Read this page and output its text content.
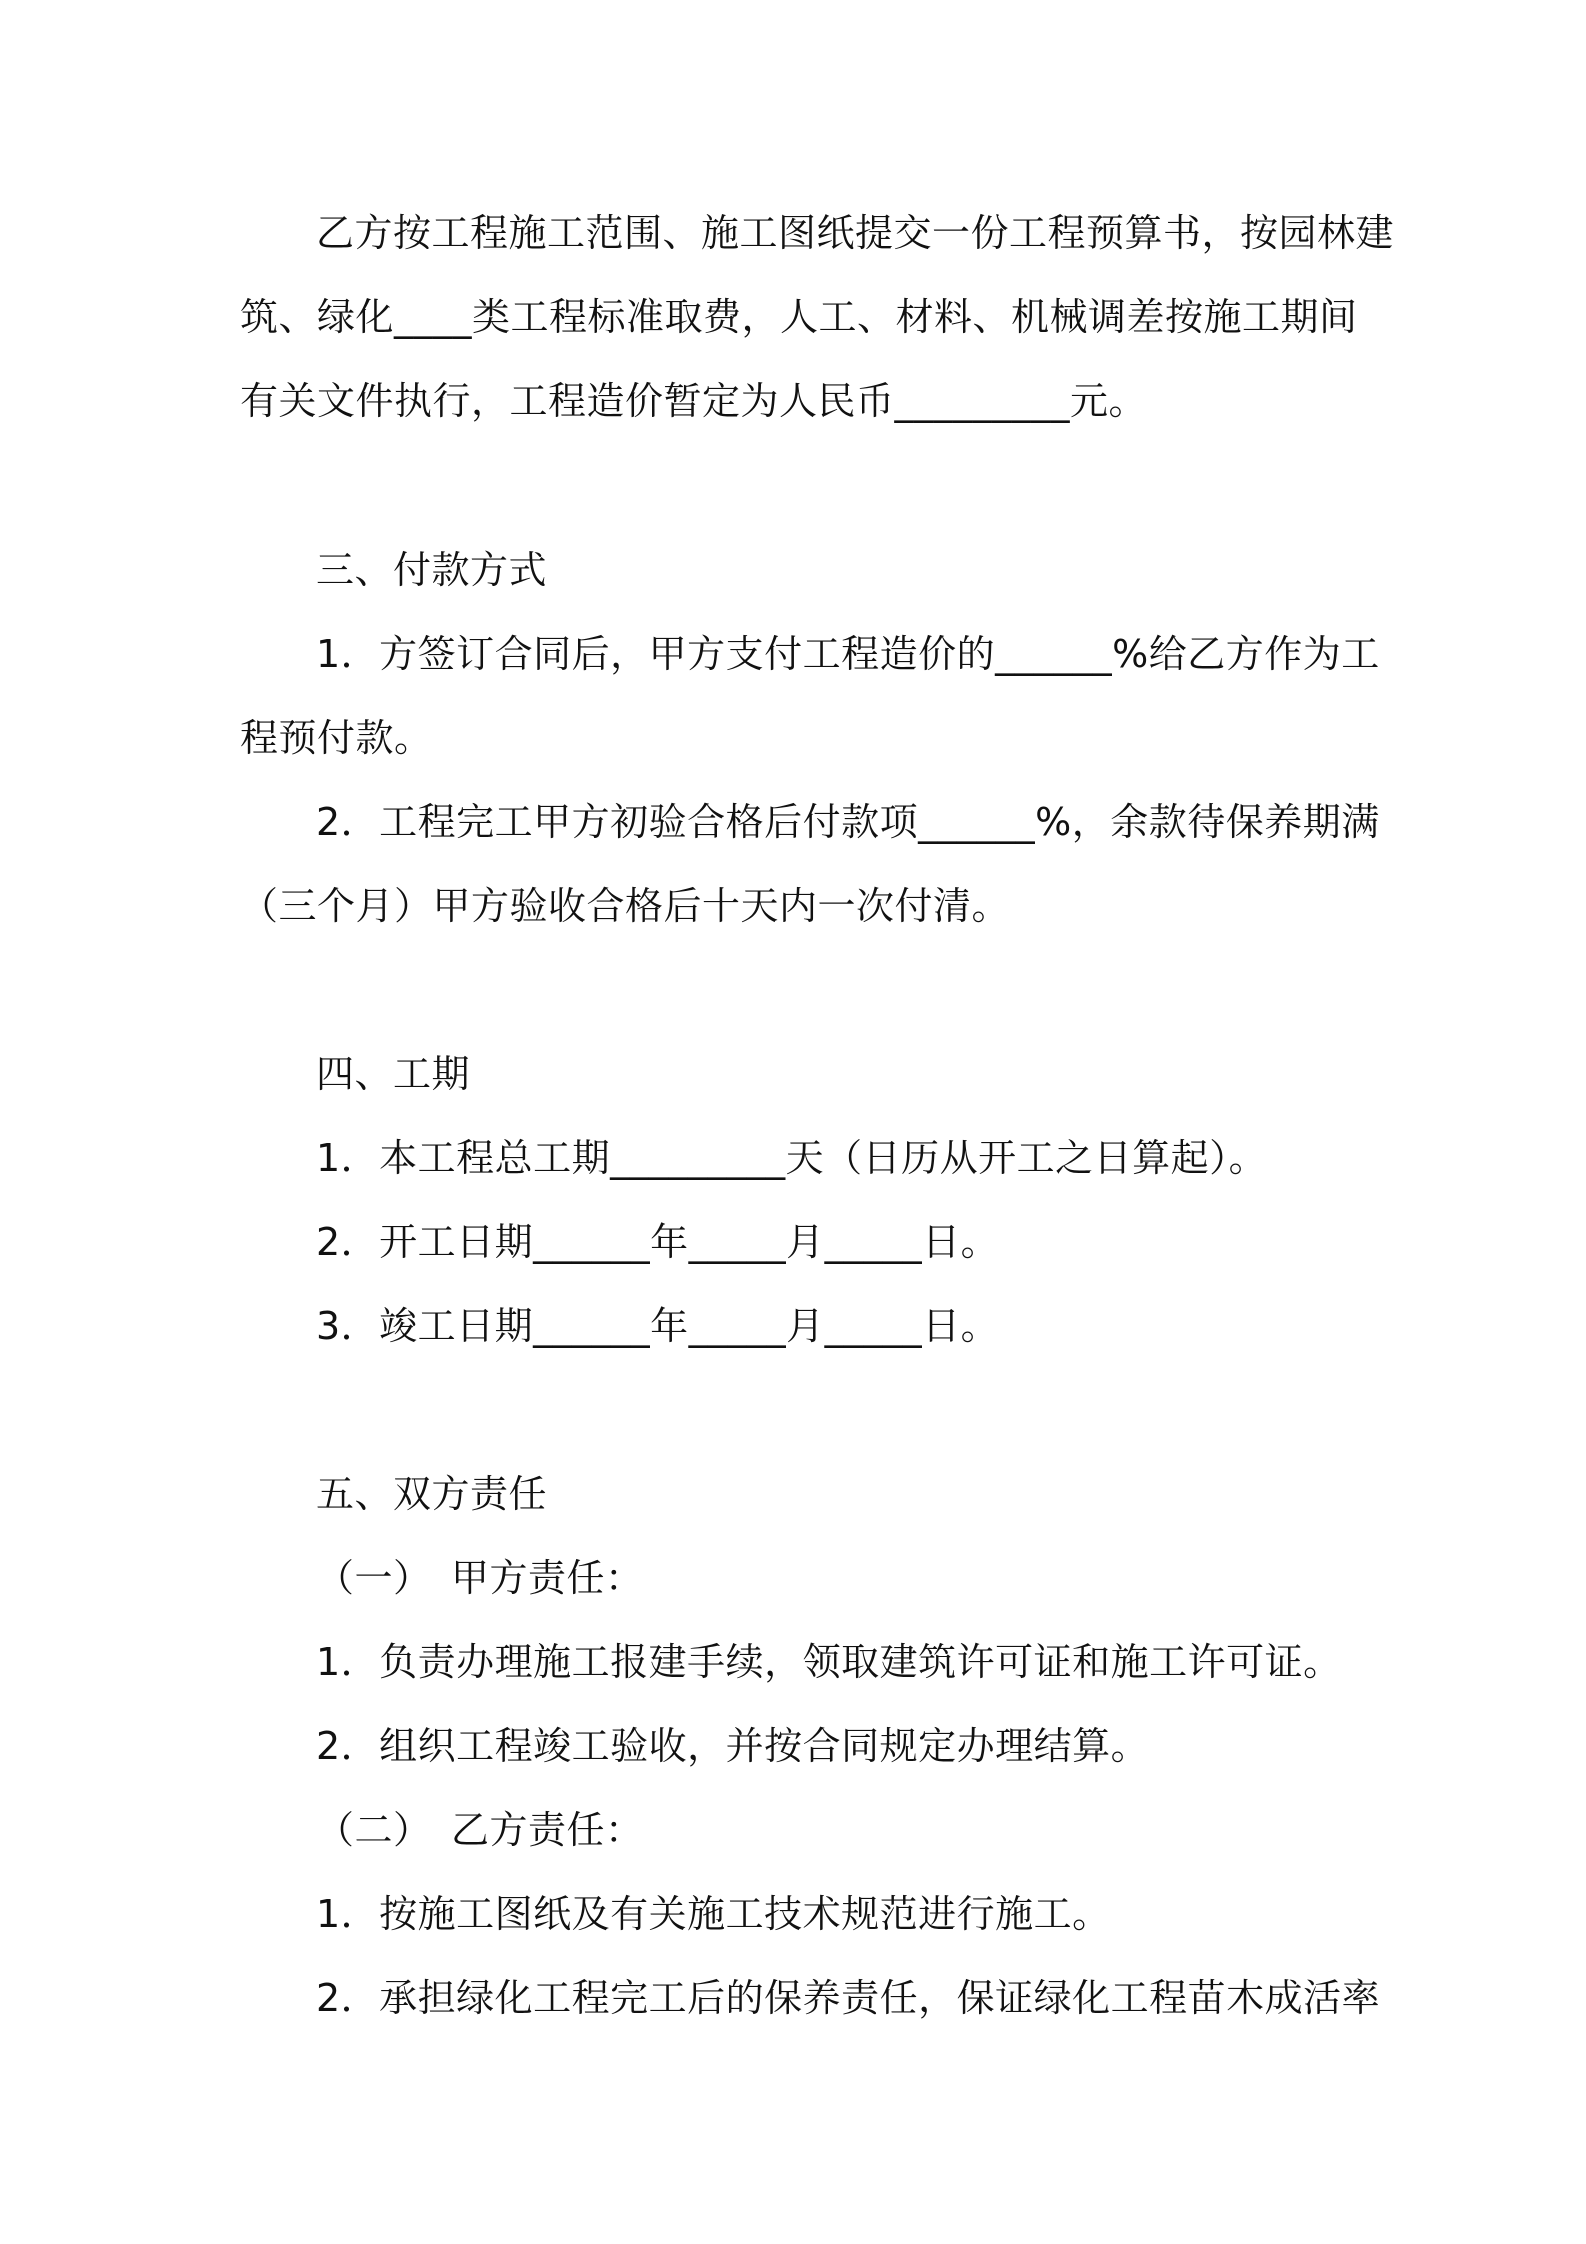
乙方按工程施工范围、施工图纸提交一份工程预算书，按园林建
筑、绿化____类工程标准取费，人工、材料、机械调差按施工期间
有关文件执行，工程造价暂定为人民币_________元。
三、付款方式
1．方签订合同后，甲方支付工程造价的______%给乙方作为工
程预付款。
2．工程完工甲方初验合格后付款项______%，余款待保养期满
（三个月）甲方验收合格后十天内一次付清。
四、工期
1．本工程总工期_________天（日历从开工之日算起）。
2．开工日期______年_____月_____日。
3．竣工日期______年_____月_____日。
五、双方责任
（一）　甲方责任：
1．负责办理施工报建手续，领取建筑许可证和施工许可证。
2．组织工程竣工验收，并按合同规定办理结算。
（二）　乙方责任：
1．按施工图纸及有关施工技术规范进行施工。
2．承担绿化工程完工后的保养责任，保证绿化工程苗木成活率
